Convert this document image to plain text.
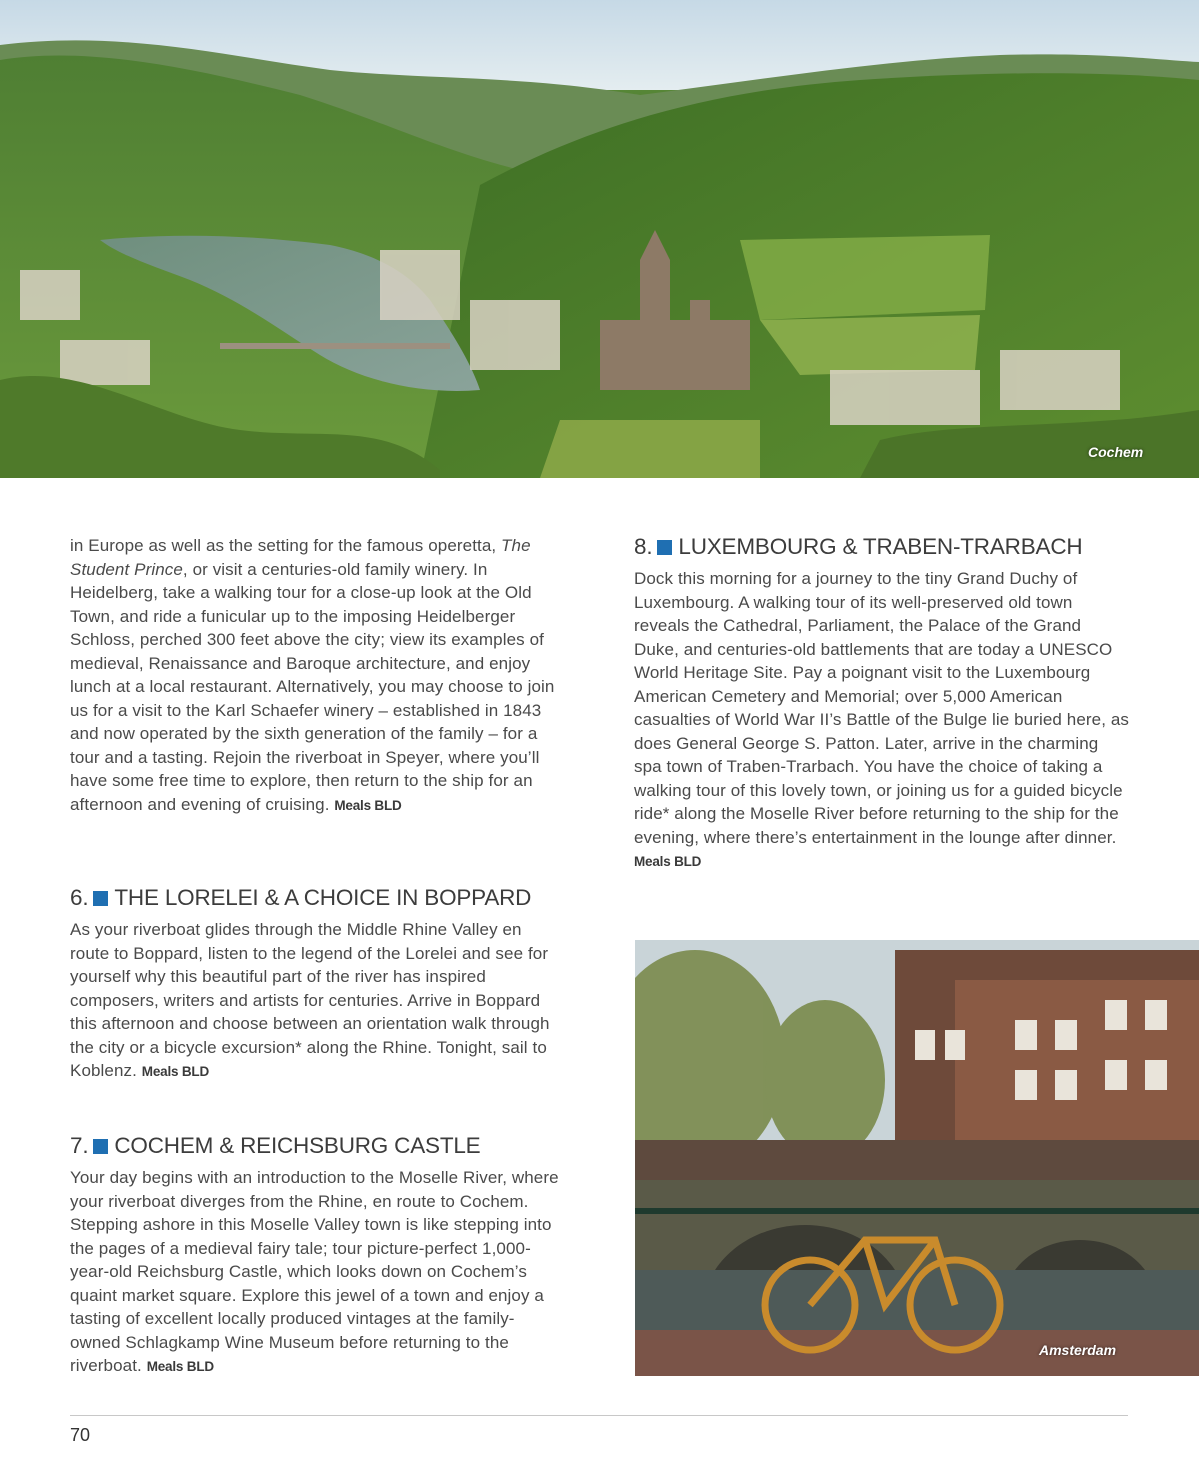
Cochem

in Europe as well as the setting for the famous operetta, The Student Prince, or visit a centuries-old family winery. In Heidelberg, take a walking tour for a close-up look at the Old Town, and ride a funicular up to the imposing Heidelberger Schloss, perched 300 feet above the city; view its examples of medieval, Renaissance and Baroque architecture, and enjoy lunch at a local restaurant. Alternatively, you may choose to join us for a visit to the Karl Schaefer winery – established in 1843 and now operated by the sixth generation of the family – for a tour and a tasting. Rejoin the riverboat in Speyer, where you’ll have some free time to explore, then return to the ship for an afternoon and evening of cruising. Meals BLD

6. THE LORELEI & A CHOICE IN BOPPARD

As your riverboat glides through the Middle Rhine Valley en route to Boppard, listen to the legend of the Lorelei and see for yourself why this beautiful part of the river has inspired composers, writers and artists for centuries. Arrive in Boppard this afternoon and choose between an orientation walk through the city or a bicycle excursion* along the Rhine. Tonight, sail to Koblenz. Meals BLD

7. COCHEM & REICHSBURG CASTLE

Your day begins with an introduction to the Moselle River, where your riverboat diverges from the Rhine, en route to Cochem. Stepping ashore in this Moselle Valley town is like stepping into the pages of a medieval fairy tale; tour picture-perfect 1,000-year-old Reichsburg Castle, which looks down on Cochem’s quaint market square. Explore this jewel of a town and enjoy a tasting of excellent locally produced vintages at the family-owned Schlagkamp Wine Museum before returning to the riverboat. Meals BLD

8. LUXEMBOURG & TRABEN-TRARBACH

Dock this morning for a journey to the tiny Grand Duchy of Luxembourg. A walking tour of its well-preserved old town reveals the Cathedral, Parliament, the Palace of the Grand Duke, and centuries-old battlements that are today a UNESCO World Heritage Site. Pay a poignant visit to the Luxembourg American Cemetery and Memorial; over 5,000 American casualties of World War II’s Battle of the Bulge lie buried here, as does General George S. Patton. Later, arrive in the charming spa town of Traben-Trarbach. You have the choice of taking a walking tour of this lovely town, or joining us for a guided bicycle ride* along the Moselle River before returning to the ship for the evening, where there’s entertainment in the lounge after dinner. Meals BLD

Amsterdam
70
